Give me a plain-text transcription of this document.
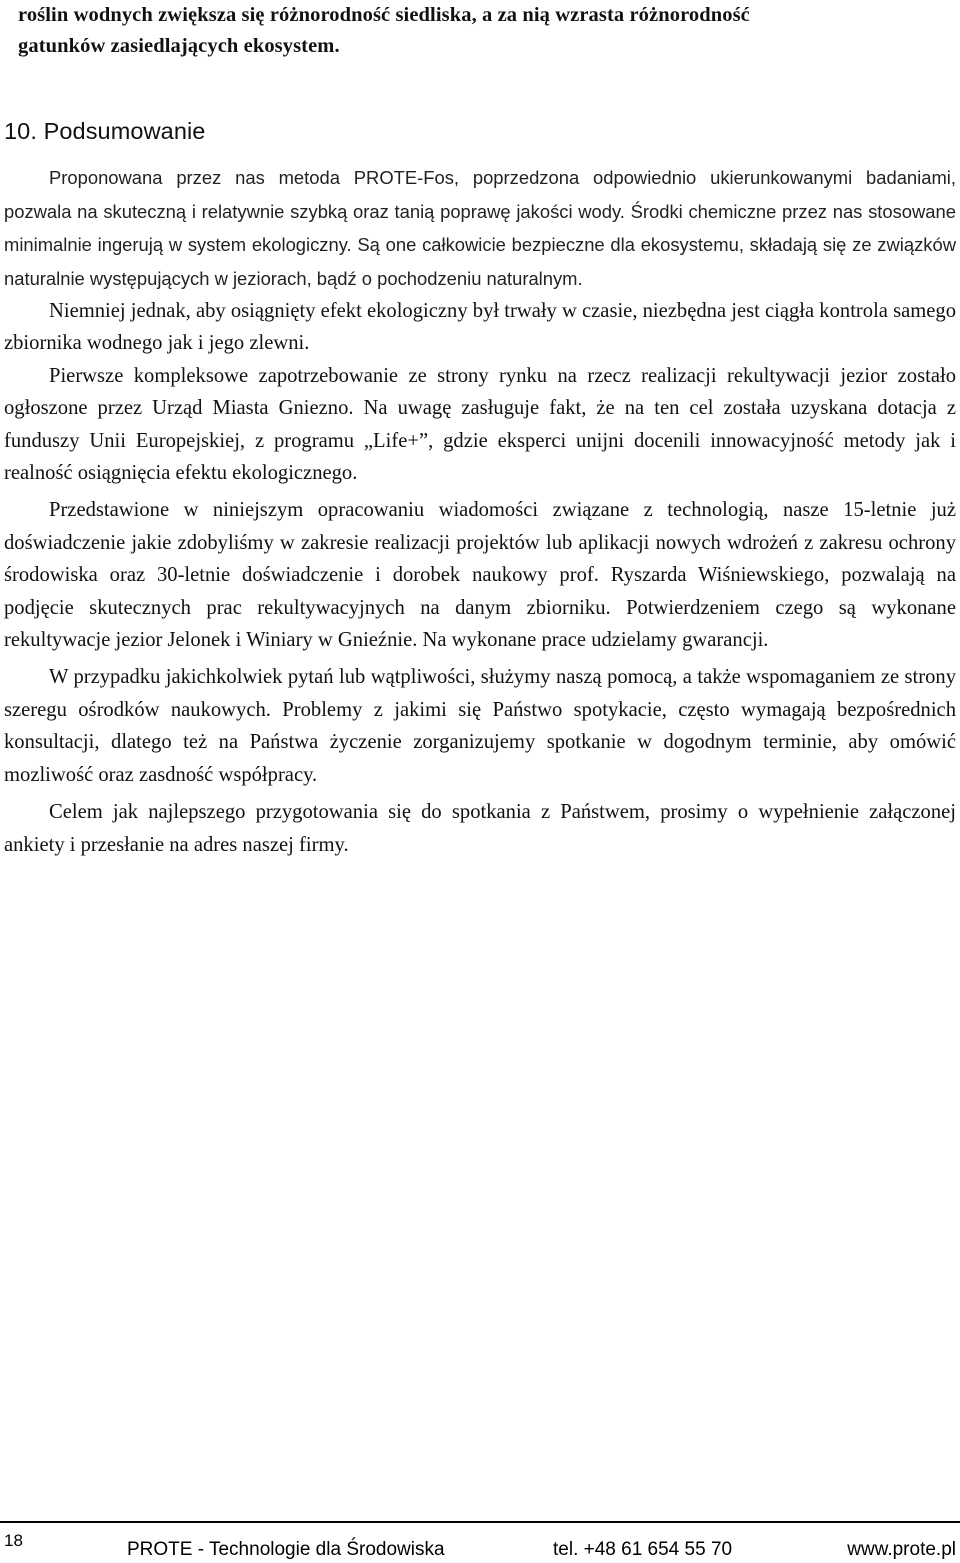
roślin wodnych zwiększa się różnorodność siedliska, a za nią wzrasta różnorodność

gatunków zasiedlających ekosystem.

10. Podsumowanie

Proponowana przez nas metoda PROTE-Fos, poprzedzona odpowiednio ukierunkowanymi badaniami, pozwala na skuteczną i relatywnie szybką oraz tanią poprawę jakości wody. Środki chemiczne przez nas stosowane minimalnie ingerują w system ekologiczny. Są one całkowicie bezpieczne dla ekosystemu, składają się ze związków naturalnie występujących w jeziorach, bądź o pochodzeniu naturalnym.

Niemniej jednak, aby osiągnięty efekt ekologiczny był trwały w czasie, niezbędna jest ciągła kontrola samego zbiornika wodnego jak i jego zlewni.

Pierwsze kompleksowe zapotrzebowanie ze strony rynku na rzecz realizacji rekultywacji jezior zostało ogłoszone przez Urząd Miasta Gniezno. Na uwagę zasługuje fakt, że na ten cel została uzyskana dotacja z funduszy Unii Europejskiej, z programu „Life+”, gdzie eksperci unijni docenili innowacyjność metody jak i realność osiągnięcia efektu ekologicznego.

Przedstawione w niniejszym opracowaniu wiadomości związane z technologią, nasze 15-letnie już doświadczenie jakie zdobyliśmy w zakresie realizacji projektów lub aplikacji nowych wdrożeń z zakresu ochrony środowiska oraz 30-letnie doświadczenie i dorobek naukowy prof. Ryszarda Wiśniewskiego, pozwalają na podjęcie skutecznych prac rekultywacyjnych na danym zbiorniku. Potwierdzeniem czego są wykonane rekultywacje jezior Jelonek i Winiary w Gnieźnie. Na wykonane prace udzielamy gwarancji.

W przypadku jakichkolwiek pytań lub wątpliwości, służymy naszą pomocą, a także wspomaganiem ze strony szeregu ośrodków naukowych. Problemy z jakimi się Państwo spotykacie, często wymagają bezpośrednich konsultacji, dlatego też na Państwa życzenie zorganizujemy spotkanie w dogodnym terminie, aby omówić mozliwość oraz zasdność współpracy.

Celem jak najlepszego przygotowania się do spotkania z Państwem, prosimy o wypełnienie załączonej ankiety i przesłanie na adres naszej firmy.

18	PROTE - Technologie dla Środowiska	tel. +48 61 654 55 70	www.prote.pl
